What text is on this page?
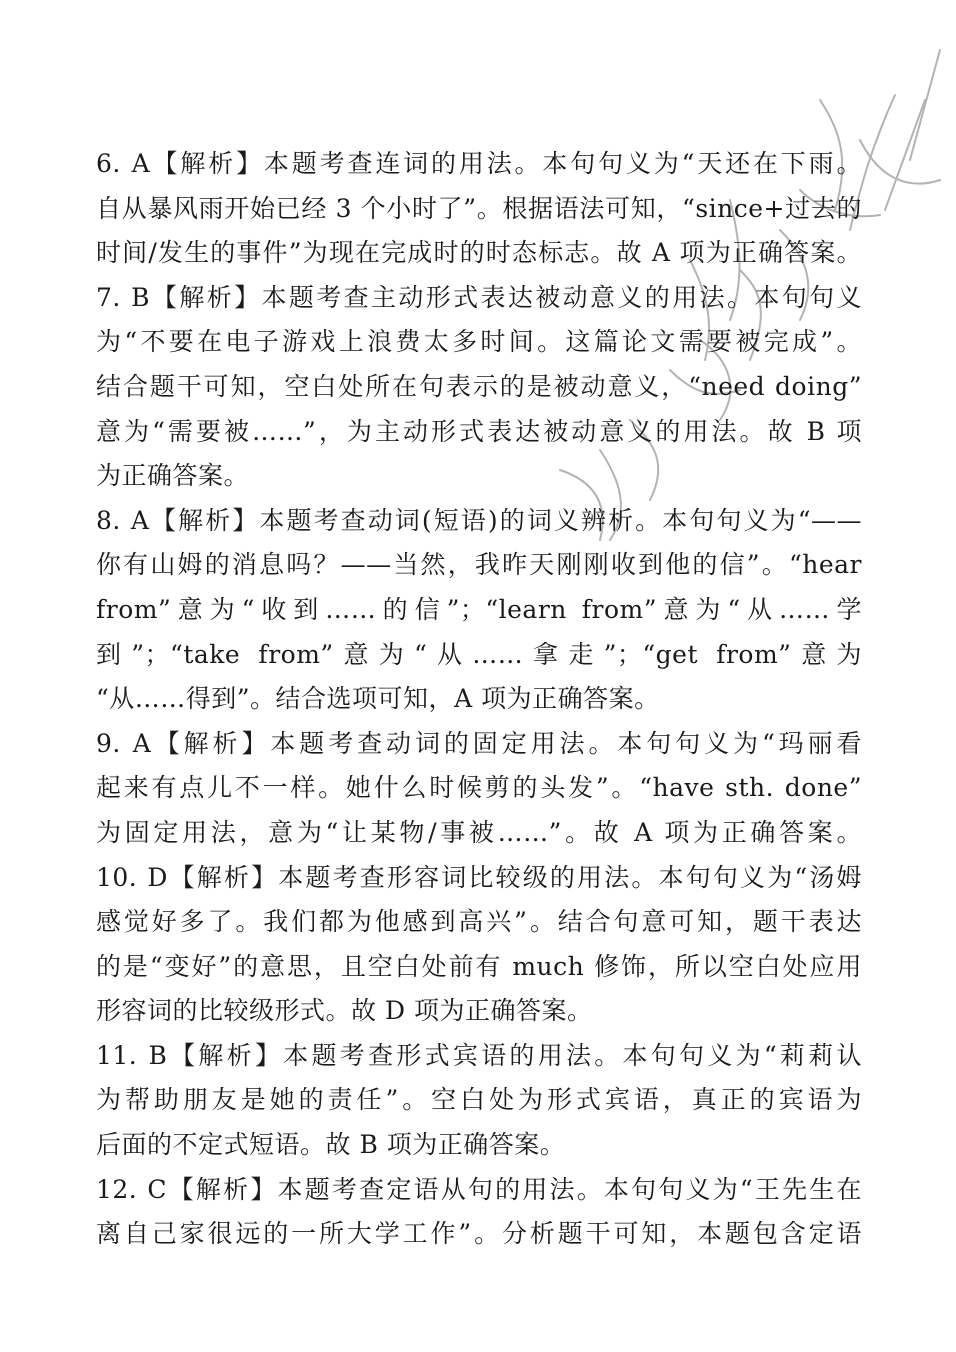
6. A【解析】本题考查连词的用法。本句句义为“天还在下雨。
自从暴风雨开始已经 3 个小时了”。根据语法可知，“since+过去的
时间/发生的事件”为现在完成时的时态标志。故 A 项为正确答案。
7. B【解析】本题考查主动形式表达被动意义的用法。本句句义
为“不要在电子游戏上浪费太多时间。这篇论文需要被完成”。
结合题干可知，空白处所在句表示的是被动意义，“need doing”
意为“需要被……”，为主动形式表达被动意义的用法。故 B 项
为正确答案。
8. A【解析】本题考查动词(短语)的词义辨析。本句句义为“——
你有山姆的消息吗？——当然，我昨天刚刚收到他的信”。“hear
from”意为“收到……的信”；“learn from”意为“从……学
到”；“take from”意为“从……拿走”；“get from”意为
“从……得到”。结合选项可知，A 项为正确答案。
9. A【解析】本题考查动词的固定用法。本句句义为“玛丽看
起来有点儿不一样。她什么时候剪的头发”。“have sth. done”
为固定用法，意为“让某物/事被……”。故 A 项为正确答案。
10. D【解析】本题考查形容词比较级的用法。本句句义为“汤姆
感觉好多了。我们都为他感到高兴”。结合句意可知，题干表达
的是“变好”的意思，且空白处前有 much 修饰，所以空白处应用
形容词的比较级形式。故 D 项为正确答案。
11. B【解析】本题考查形式宾语的用法。本句句义为“莉莉认
为帮助朋友是她的责任”。空白处为形式宾语，真正的宾语为
后面的不定式短语。故 B 项为正确答案。
12. C【解析】本题考查定语从句的用法。本句句义为“王先生在
离自己家很远的一所大学工作”。分析题干可知，本题包含定语
